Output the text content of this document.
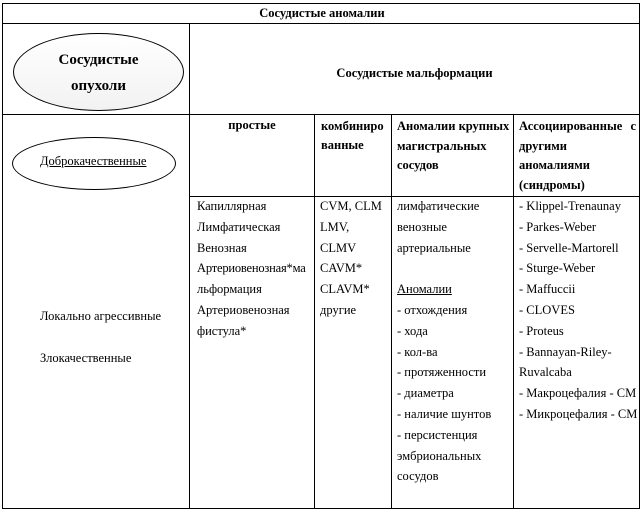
Сосудистые аномалии
Сосудистые
опухоли
Сосудистые мальформации
Доброкачественные
Локально агрессивные
Злокачественные
простые	комбинирo
ванные
Аномалии крупных
магистральных
сосудов
Ассоциированные с
другими
аномалиями
(синдромы)
Капиллярная
Лимфатическая
Венозная
Артериовенозная*ма
льформация
Артериовенозная
фистула*
CVM, CLM
LMV,
CLMV
CAVM*
CLAVM*
другие
лимфатические
венозные
артериальные
Аномалии
- отхождения
- хода
- кол-ва
- протяженности
- диаметра
- наличие шунтов
- персистенция
эмбриональных
сосудов
- Klippel-Trenaunay
- Parkes-Weber
- Servelle-Martorell
- Sturge-Weber
- Maffuccii
- CLOVES
- Proteus
- Bannayan-Riley-
Ruvalcaba
- Макроцефалия - CM
- Микроцефалия - CM
